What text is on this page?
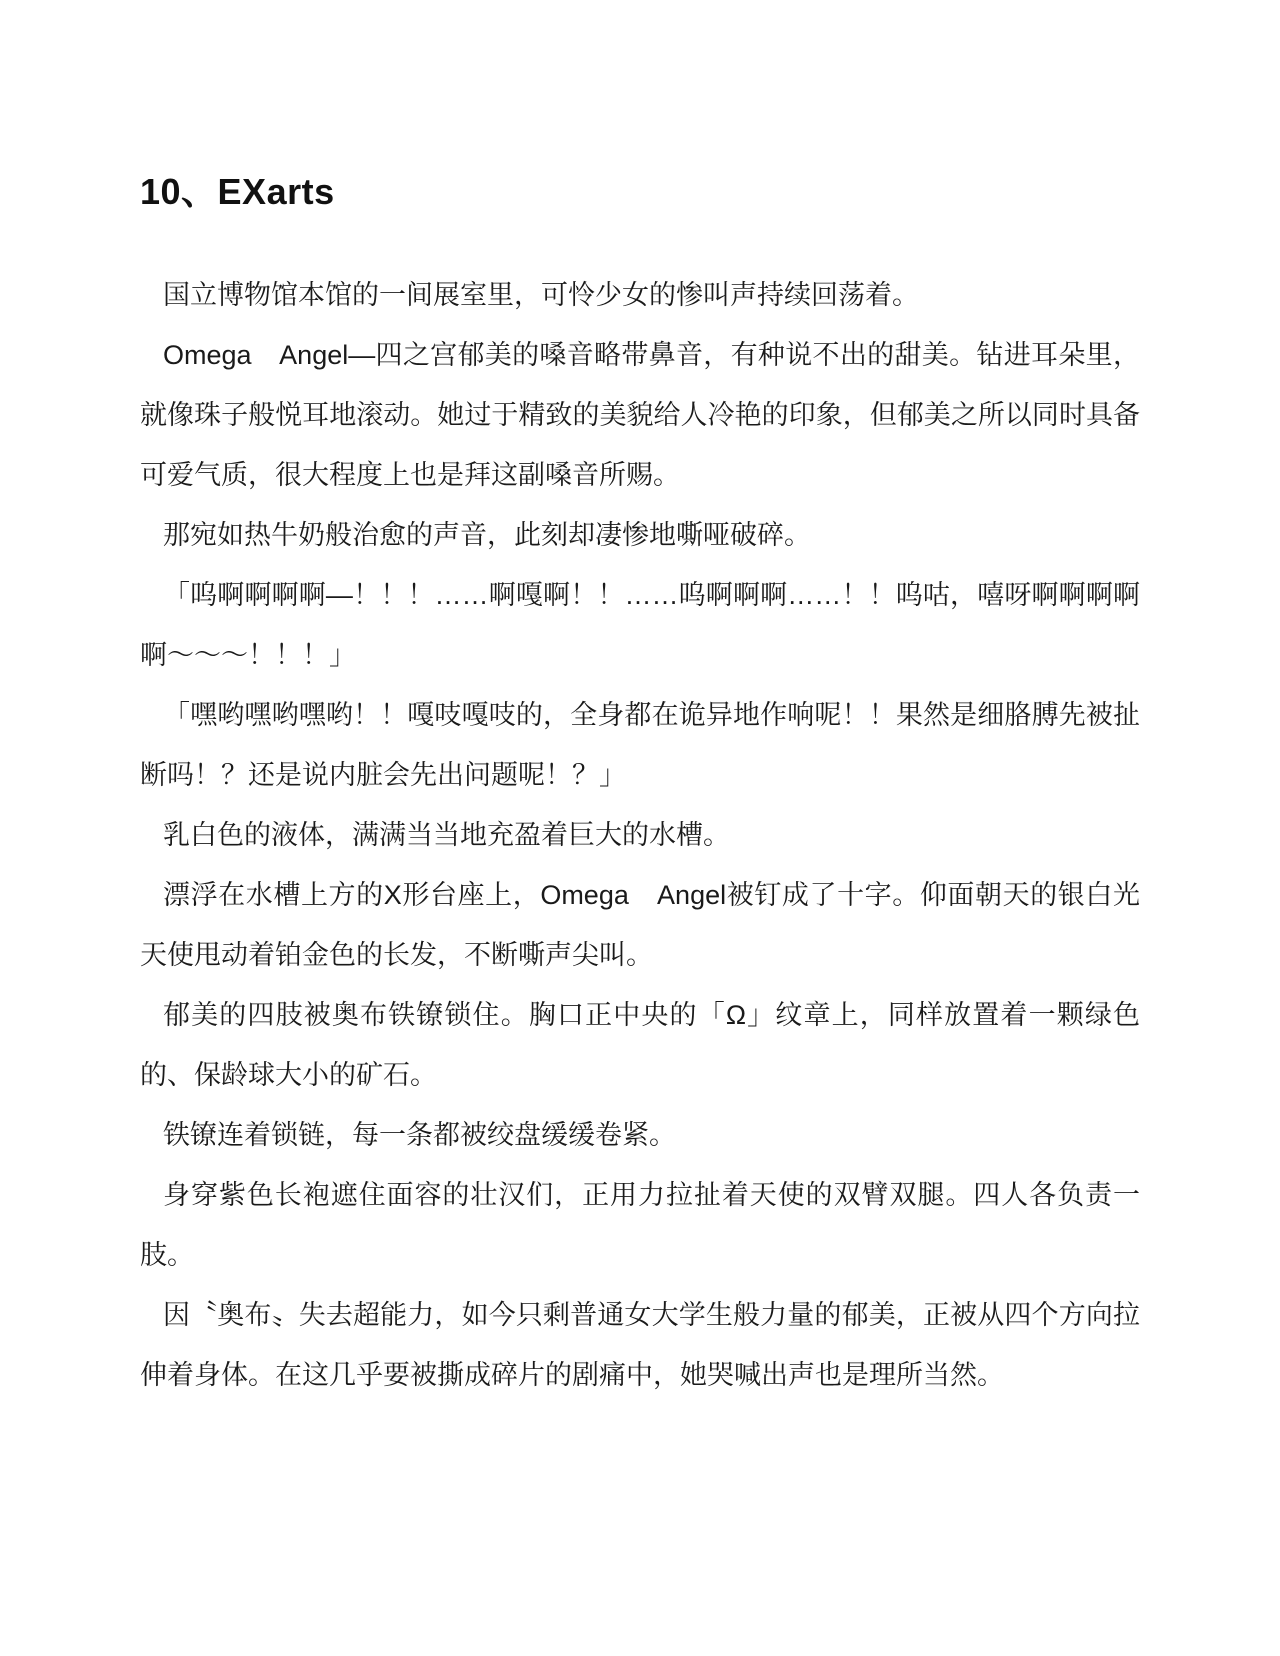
10、EXarts

国立博物馆本馆的一间展室里，可怜少女的惨叫声持续回荡着。

Omega　Angel—四之宫郁美的嗓音略带鼻音，有种说不出的甜美。钻进耳朵里，就像珠子般悦耳地滚动。她过于精致的美貌给人冷艳的印象，但郁美之所以同时具备可爱气质，很大程度上也是拜这副嗓音所赐。

那宛如热牛奶般治愈的声音，此刻却凄惨地嘶哑破碎。

「呜啊啊啊啊—！！！……啊嘎啊！！……呜啊啊啊……！！呜咕，嘻呀啊啊啊啊啊～～～！！！」

「嘿哟嘿哟嘿哟！！嘎吱嘎吱的，全身都在诡异地作响呢！！果然是细胳膊先被扯断吗！？还是说内脏会先出问题呢！？」

乳白色的液体，满满当当地充盈着巨大的水槽。

漂浮在水槽上方的X形台座上，Omega　Angel被钉成了十字。仰面朝天的银白光天使甩动着铂金色的长发，不断嘶声尖叫。

郁美的四肢被奥布铁镣锁住。胸口正中央的「Ω」纹章上，同样放置着一颗绿色的、保龄球大小的矿石。

铁镣连着锁链，每一条都被绞盘缓缓卷紧。

身穿紫色长袍遮住面容的壮汉们，正用力拉扯着天使的双臂双腿。四人各负责一肢。

因〝奥布〟失去超能力，如今只剩普通女大学生般力量的郁美，正被从四个方向拉伸着身体。在这几乎要被撕成碎片的剧痛中，她哭喊出声也是理所当然。
